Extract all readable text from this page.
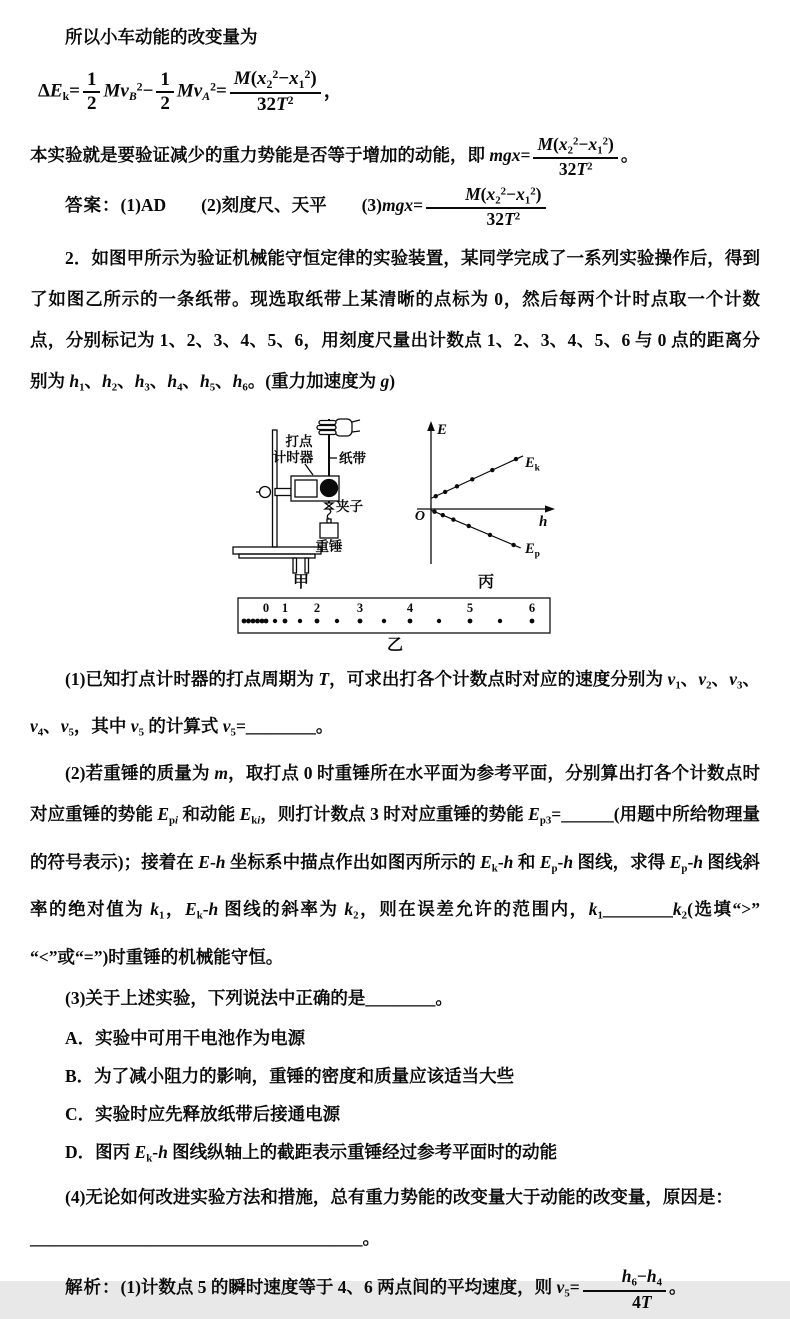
所以小车动能的改变量为

$\Delta Ek= \frac{1}{2} MvB^2- \frac{1}{2} MvA^2= \frac{M(x2^2-x1^2)}{32T^2}$ ，

本实验就是要验证减少的重力势能是否等于增加的动能，即 $mgx= \frac{M(x2^2-x1^2)}{32T^2}$ 。

答案：(1)AD　　(2)刻度尺、天平　　$(3)mgx= \frac{M(x2^2-x1^2)}{32T^2}$

2．如图甲所示为验证机械能守恒定律的实验装置，某同学完成了一系列实验操作后，得到了如图乙所示的一条纸带。现选取纸带上某清晰的点标为 0，然后每两个计时点取一个计数点，分别标记为 1、2、3、4、5、6，用刻度尺量出计数点 1、2、3、4、5、6 与 0 点的距离分别为 h1、h2、h3、h4、h5、h6。(重力加速度为 g)

打点
计时器 纸带
夹子
重锤
甲
E
h
O
$E_k$
$E_p$
丙
0 1 2	3	4	5	6
乙

(1)已知打点计时器的打点周期为 T，可求出打各个计数点时对应的速度分别为 v1、v2、v3、v4、v5，其中 v5 的计算式 v5=________。

(2)若重锤的质量为 m，取打点 0 时重锤所在水平面为参考平面，分别算出打各个计数点时对应重锤的势能 Epi 和动能 Eki，则打计数点 3 时对应重锤的势能 Ep3=______(用题中所给物理量的符号表示)；接着在 E-h 坐标系中描点作出如图丙所示的 Ek-h 和 Ep-h 图线，求得 Ep-h 图线斜率的绝对值为 k1，Ek-h 图线的斜率为 k2，则在误差允许的范围内，k1________k2(选填“>” “<”或“=”)时重锤的机械能守恒。

(3)关于上述实验，下列说法中正确的是________。

A．实验中可用干电池作为电源

B．为了减小阻力的影响，重锤的密度和质量应该适当大些

C．实验时应先释放纸带后接通电源

D．图丙 Ek-h 图线纵轴上的截距表示重锤经过参考平面时的动能

(4)无论如何改进实验方法和措施，总有重力势能的改变量大于动能的改变量，原因是：

______________________________________。

解析：(1)计数点 5 的瞬时速度等于 4、6 两点间的平均速度，则 $v5= \frac{h6-h4}{4T}$ 。
